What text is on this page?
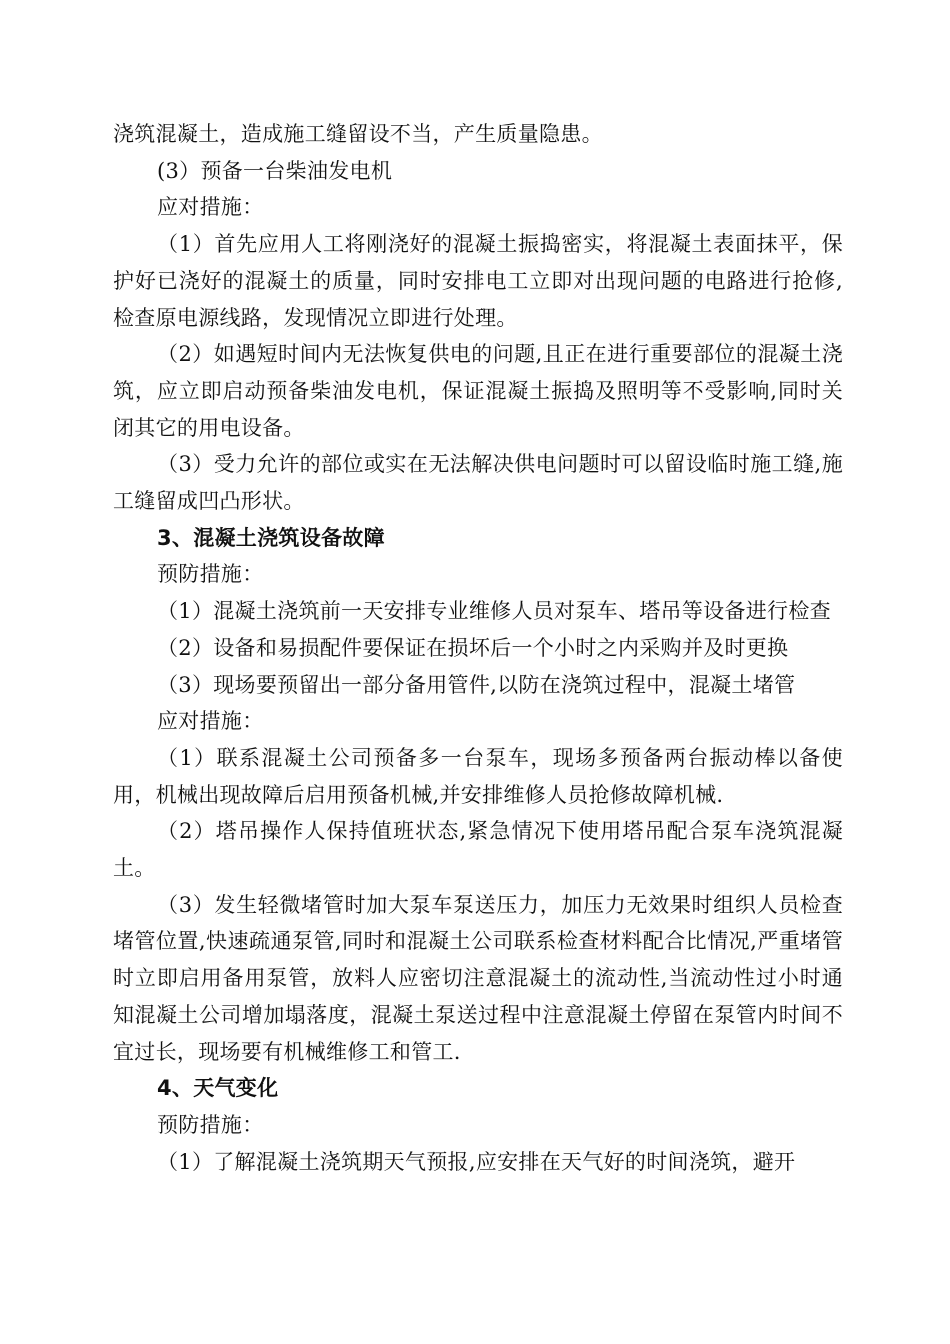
浇筑混凝土，造成施工缝留设不当，产生质量隐患。

(3）预备一台柴油发电机

应对措施：

（1）首先应用人工将刚浇好的混凝土振捣密实，将混凝土表面抹平，保护好已浇好的混凝土的质量，同时安排电工立即对出现问题的电路进行抢修,检查原电源线路，发现情况立即进行处理。

（2）如遇短时间内无法恢复供电的问题,且正在进行重要部位的混凝土浇筑，应立即启动预备柴油发电机，保证混凝土振捣及照明等不受影响,同时关闭其它的用电设备。

（3）受力允许的部位或实在无法解决供电问题时可以留设临时施工缝,施工缝留成凹凸形状。

3、混凝土浇筑设备故障

预防措施：

（1）混凝土浇筑前一天安排专业维修人员对泵车、塔吊等设备进行检查

（2）设备和易损配件要保证在损坏后一个小时之内采购并及时更换

（3）现场要预留出一部分备用管件,以防在浇筑过程中，混凝土堵管

应对措施：

（1）联系混凝土公司预备多一台泵车，现场多预备两台振动棒以备使用，机械出现故障后启用预备机械,并安排维修人员抢修故障机械.

（2）塔吊操作人保持值班状态,紧急情况下使用塔吊配合泵车浇筑混凝土。

（3）发生轻微堵管时加大泵车泵送压力，加压力无效果时组织人员检查堵管位置,快速疏通泵管,同时和混凝土公司联系检查材料配合比情况,严重堵管时立即启用备用泵管，放料人应密切注意混凝土的流动性,当流动性过小时通知混凝土公司增加塌落度，混凝土泵送过程中注意混凝土停留在泵管内时间不宜过长，现场要有机械维修工和管工.

4、天气变化

预防措施：

（1）了解混凝土浇筑期天气预报,应安排在天气好的时间浇筑，避开
